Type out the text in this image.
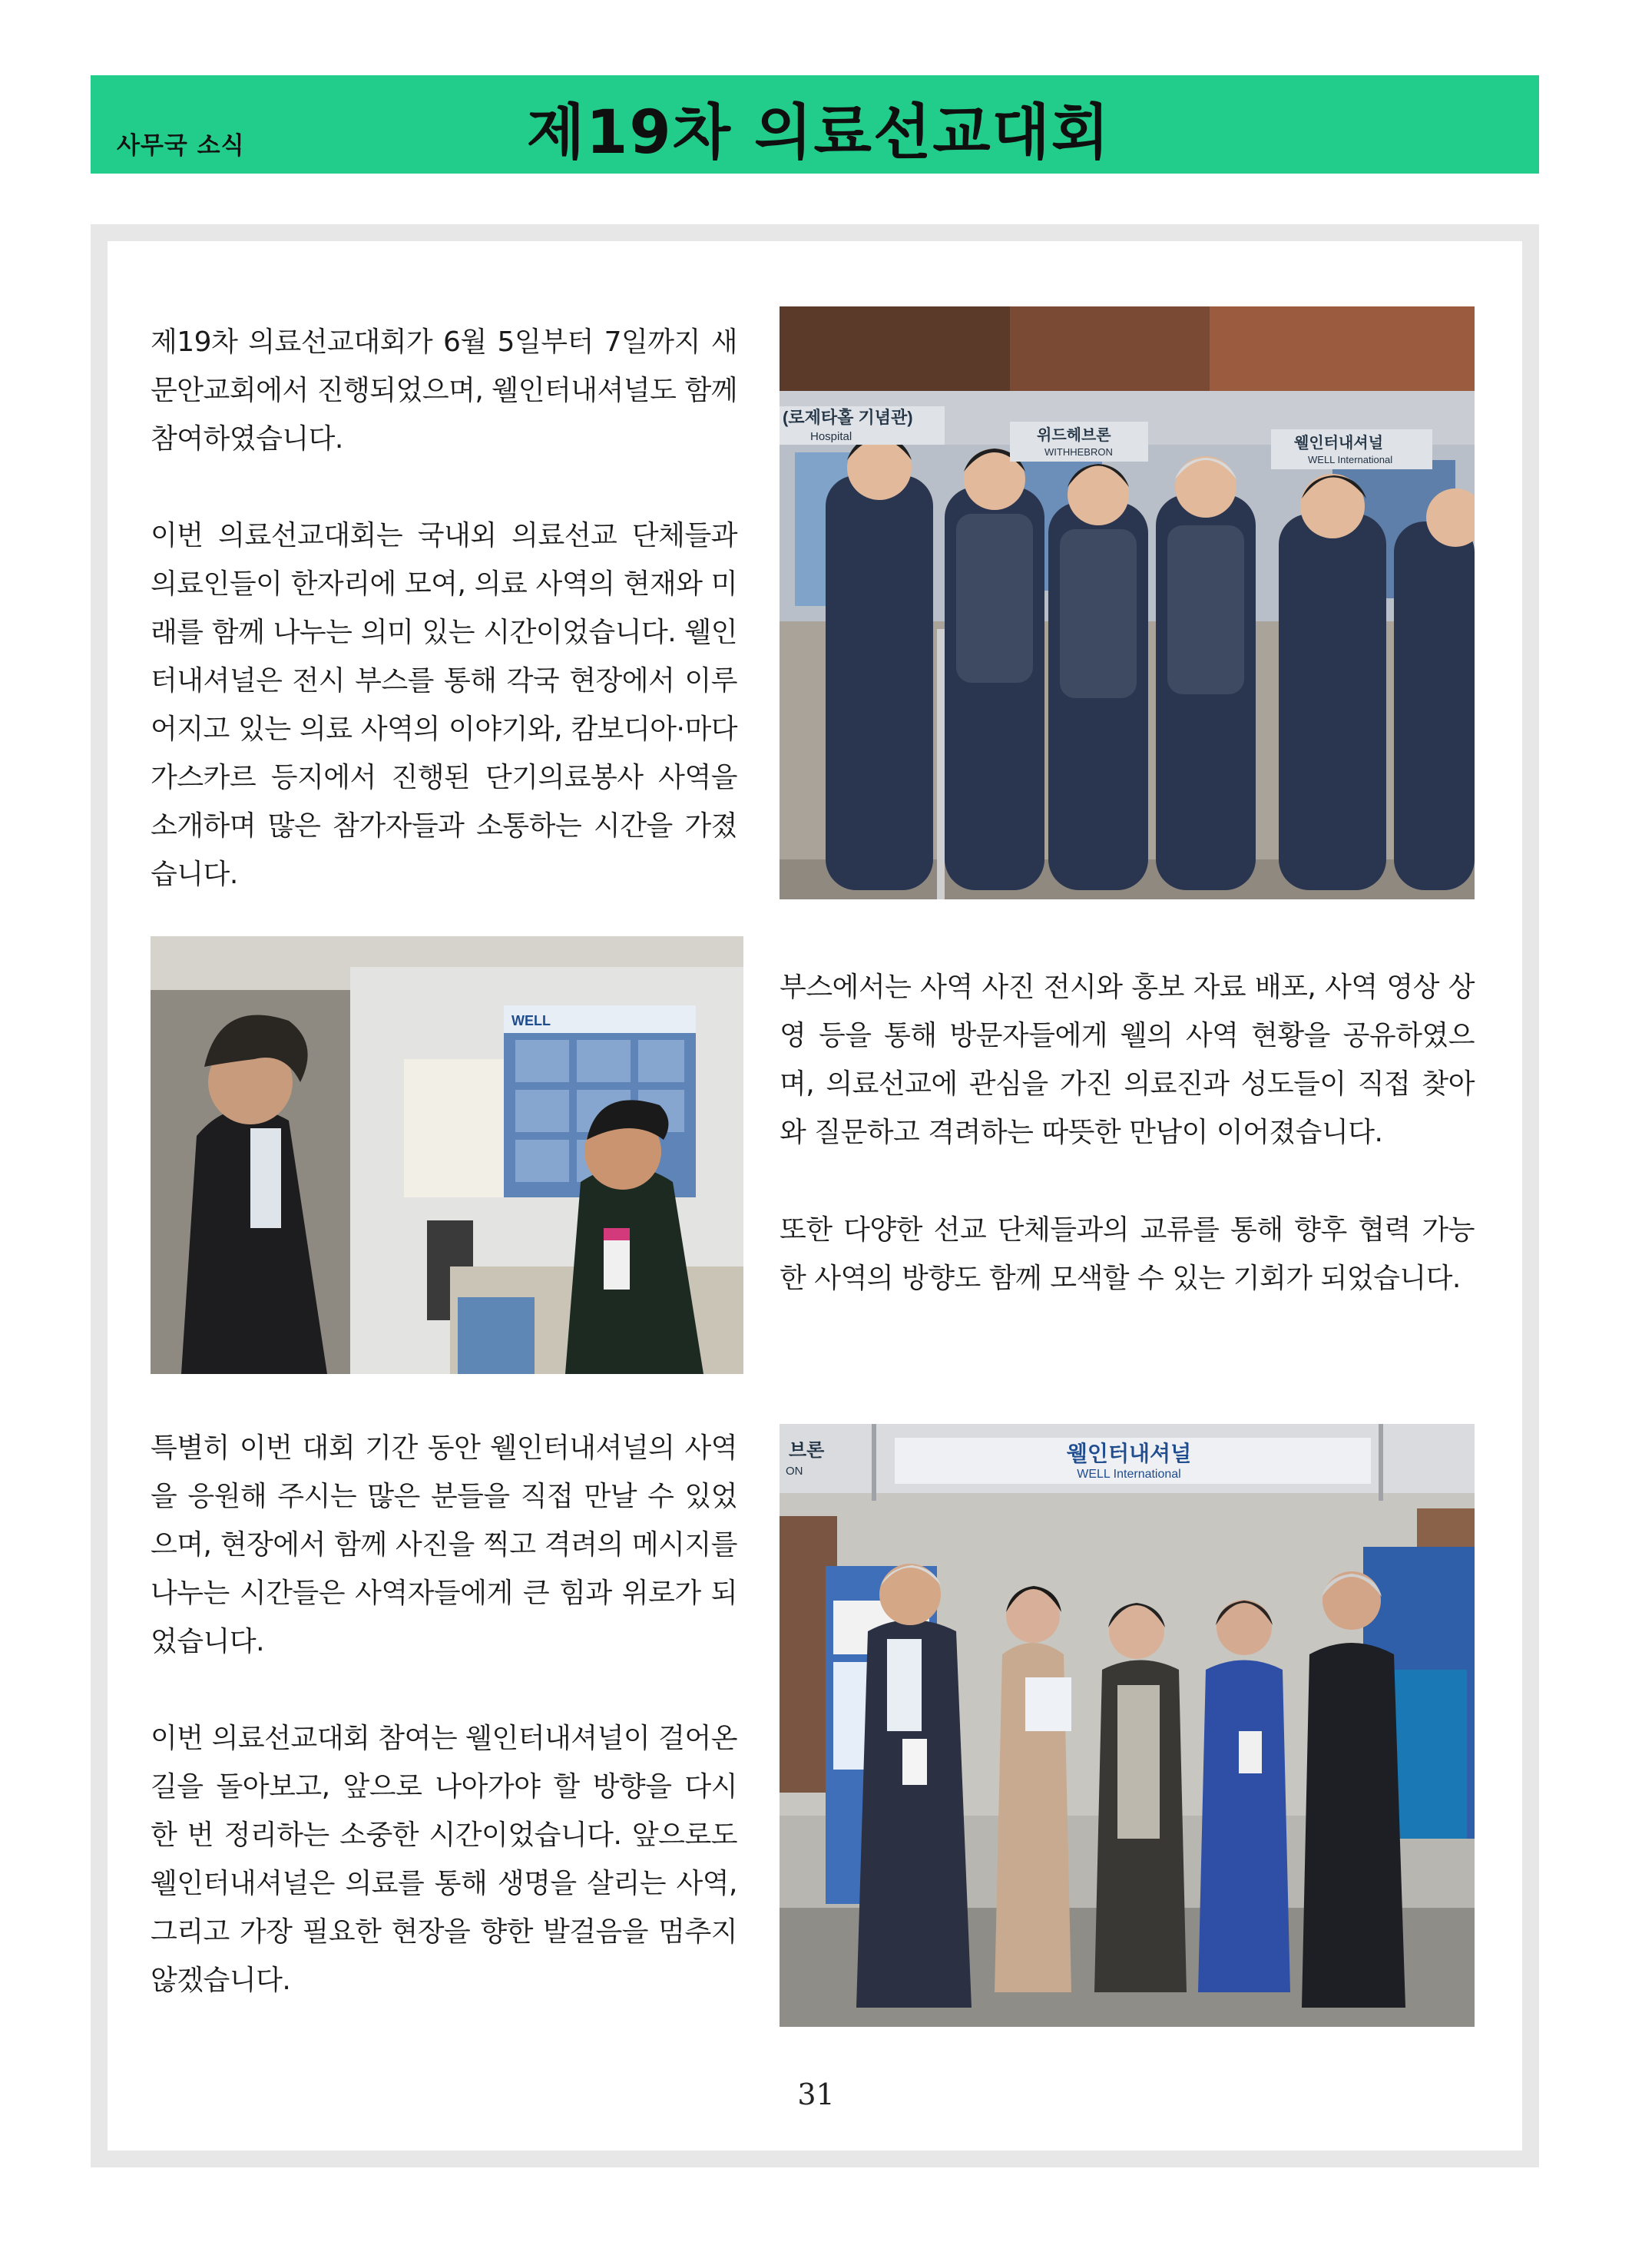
사무국 소식	제19차 의료선교대회

제19차 의료선교대회가 6월 5일부터 7일까지 새문안교회에서 진행되었으며, 웰인터내셔널도 함께 참여하였습니다.

이번 의료선교대회는 국내외 의료선교 단체들과 의료인들이 한자리에 모여, 의료 사역의 현재와 미래를 함께 나누는 의미 있는 시간이었습니다. 웰인터내셔널은 전시 부스를 통해 각국 현장에서 이루어지고 있는 의료 사역의 이야기와, 캄보디아·마다가스카르 등지에서 진행된 단기의료봉사 사역을 소개하며 많은 참가자들과 소통하는 시간을 가졌습니다.

(로제타홀 기념관)
Hospital	위드헤브론
WITHHEBRON
웰인터내셔널
WELL International
WELL

부스에서는 사역 사진 전시와 홍보 자료 배포, 사역 영상 상영 등을 통해 방문자들에게 웰의 사역 현황을 공유하였으며, 의료선교에 관심을 가진 의료진과 성도들이 직접 찾아와 질문하고 격려하는 따뜻한 만남이 이어졌습니다.

또한 다양한 선교 단체들과의 교류를 통해 향후 협력 가능한 사역의 방향도 함께 모색할 수 있는 기회가 되었습니다.

특별히 이번 대회 기간 동안 웰인터내셔널의 사역을 응원해 주시는 많은 분들을 직접 만날 수 있었으며, 현장에서 함께 사진을 찍고 격려의 메시지를 나누는 시간들은 사역자들에게 큰 힘과 위로가 되었습니다.

이번 의료선교대회 참여는 웰인터내셔널이 걸어온 길을 돌아보고, 앞으로 나아가야 할 방향을 다시 한 번 정리하는 소중한 시간이었습니다. 앞으로도 웰인터내셔널은 의료를 통해 생명을 살리는 사역, 그리고 가장 필요한 현장을 향한 발걸음을 멈추지 않겠습니다.

브론
ON
웰인터내셔널
WELL International
31
